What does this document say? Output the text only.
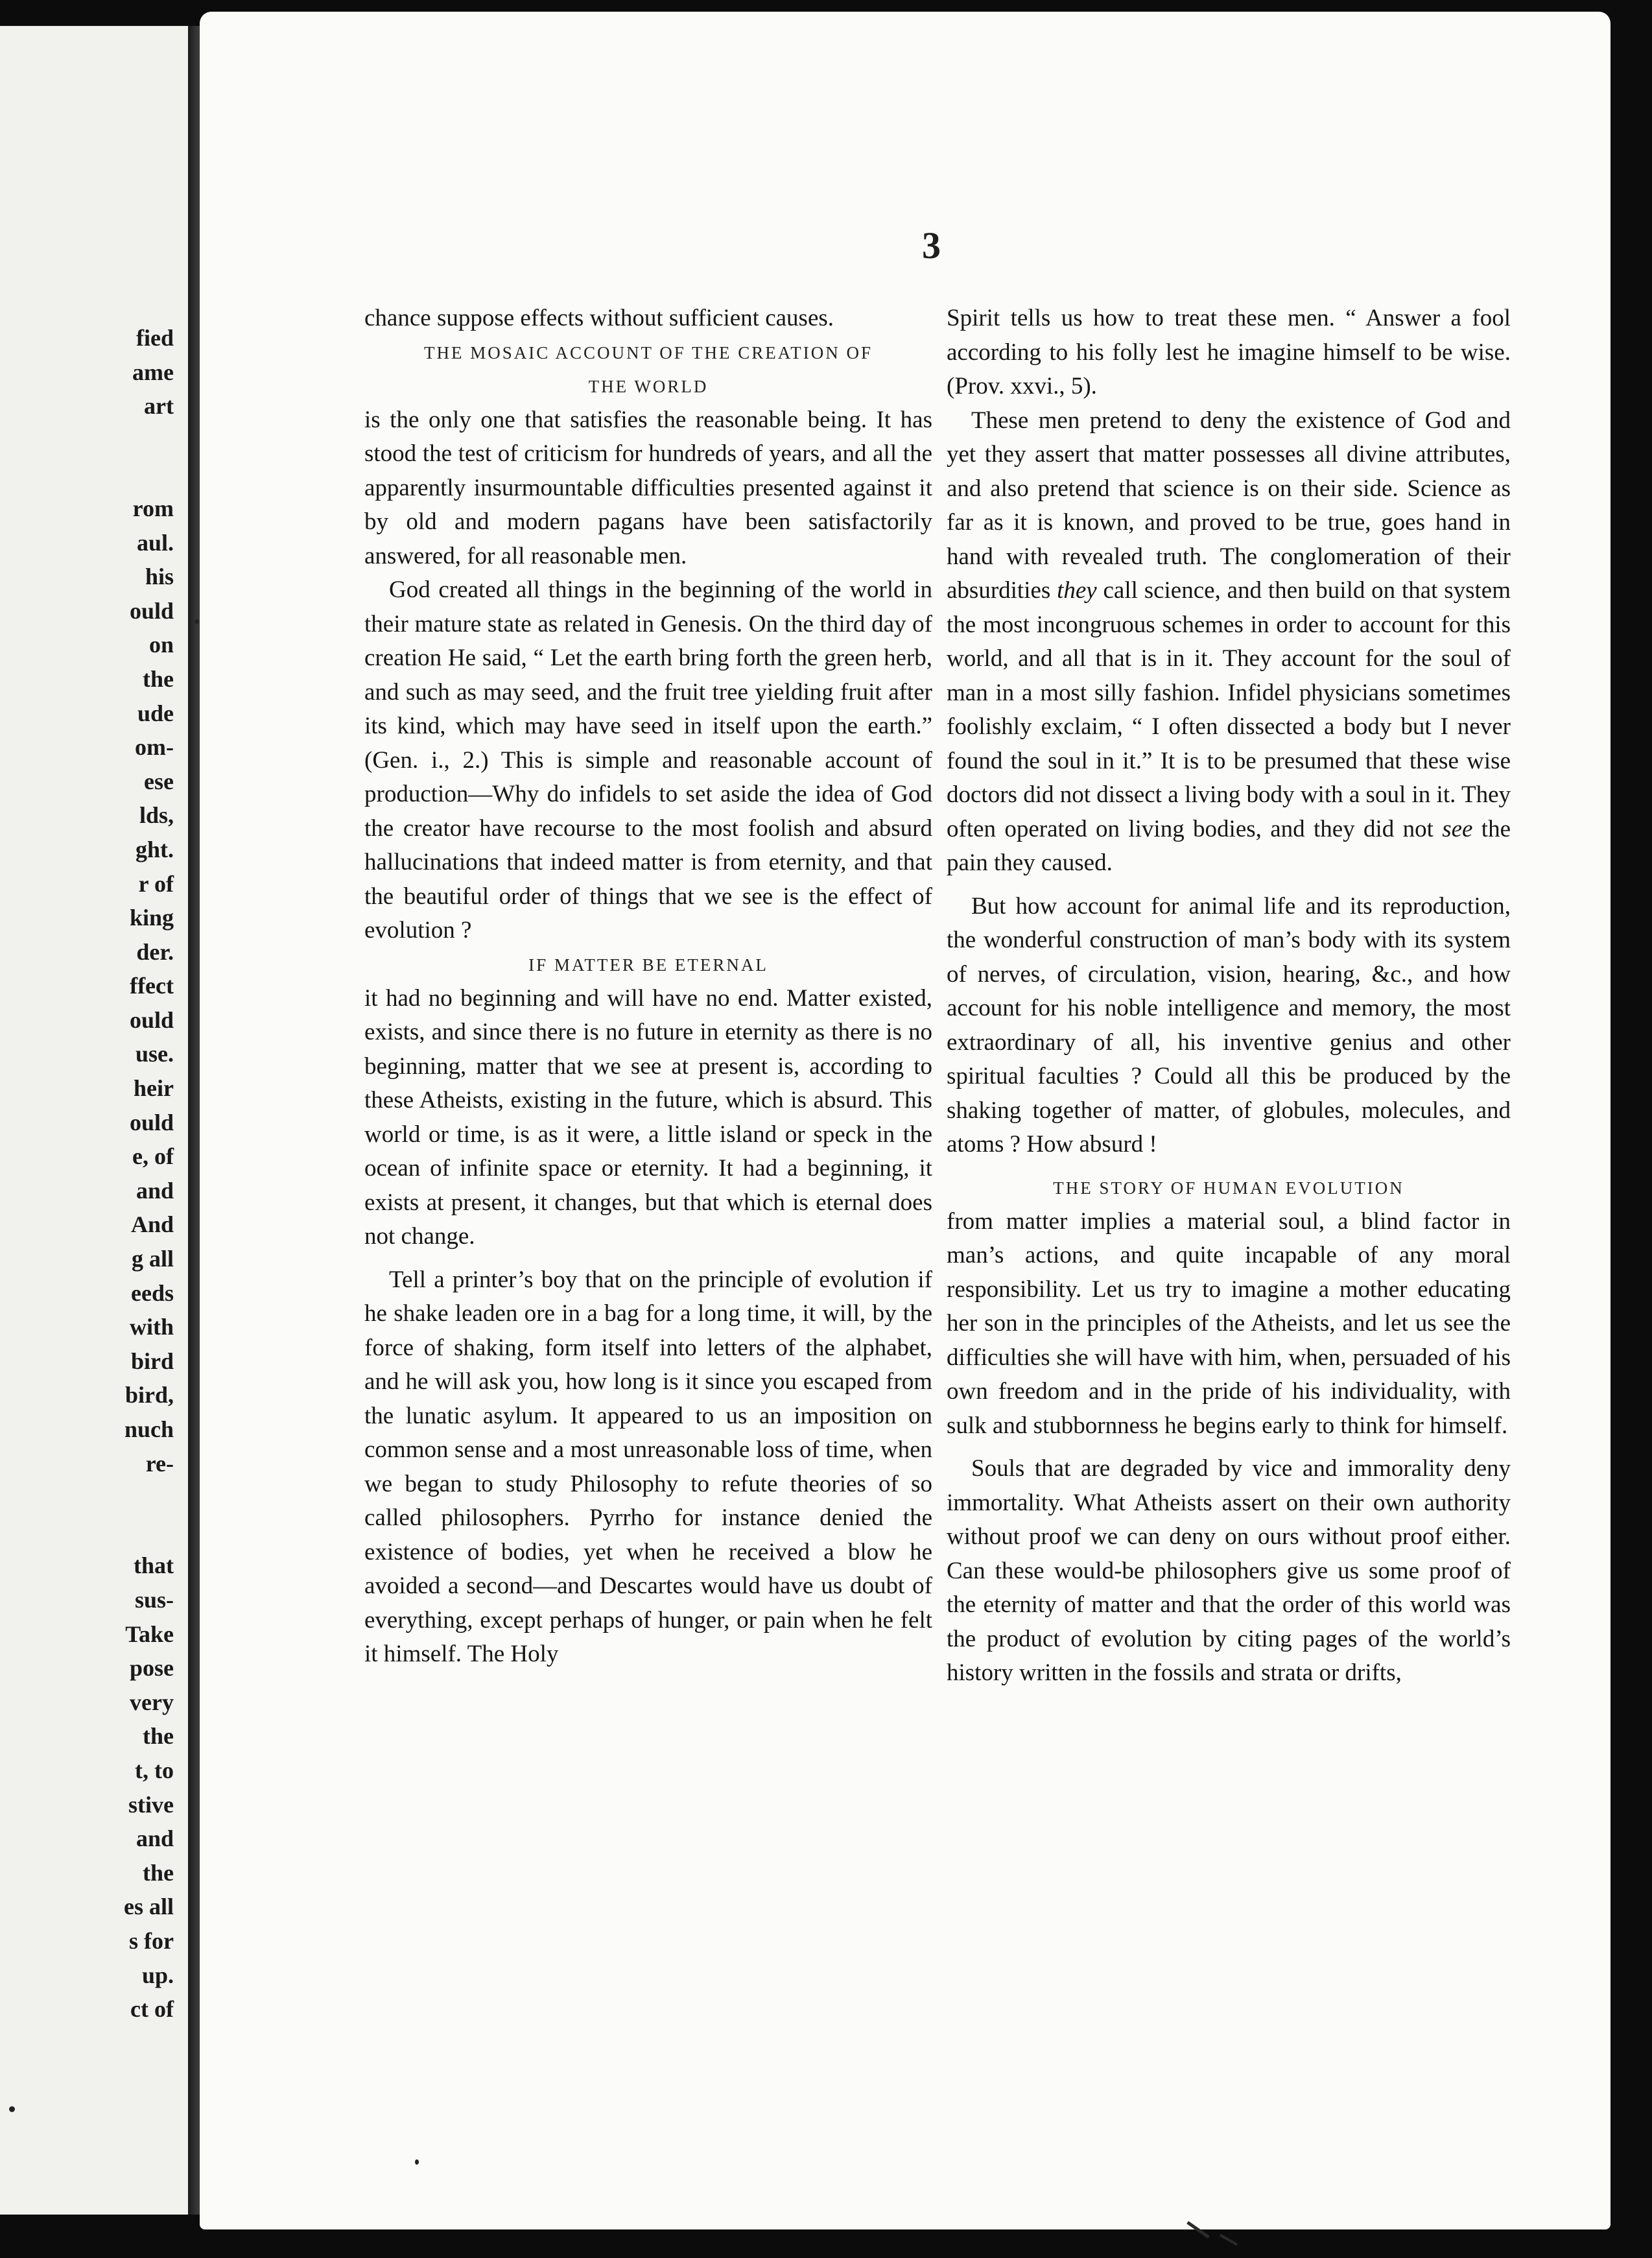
fied
ame
art
rom
aul.
his
ould
on
the
ude
om-
ese
lds,
ght.
r of
king
der.
ffect
ould
use.
heir
ould
e, of
and
And
g all
eeds
with
bird
bird,
nuch
re-
that
sus-
Take
pose
very
the
t, to
stive
and
the
es all
s for
up.
ct of
3

chance suppose effects without sufficient causes.

THE MOSAIC ACCOUNT OF THE CREATION OF
THE WORLD

is the only one that satisfies the reasonable being. It has stood the test of criticism for hundreds of years, and all the apparently insurmountable difficulties presented against it by old and modern pagans have been satisfactorily answered, for all reasonable men.

God created all things in the beginning of the world in their mature state as related in Genesis. On the third day of creation He said, “ Let the earth bring forth the green herb, and such as may seed, and the fruit tree yielding fruit after its kind, which may have seed in itself upon the earth.” (Gen. i., 2.) This is simple and reasonable account of production—Why do infidels to set aside the idea of God the creator have recourse to the most foolish and absurd hallucinations that indeed matter is from eternity, and that the beautiful order of things that we see is the effect of evolution ?

IF MATTER BE ETERNAL

it had no beginning and will have no end. Matter existed, exists, and since there is no future in eternity as there is no beginning, matter that we see at present is, according to these Atheists, existing in the future, which is absurd. This world or time, is as it were, a little island or speck in the ocean of infinite space or eternity. It had a beginning, it exists at present, it changes, but that which is eternal does not change.

Tell a printer’s boy that on the principle of evolution if he shake leaden ore in a bag for a long time, it will, by the force of shaking, form itself into letters of the alphabet, and he will ask you, how long is it since you escaped from the lunatic asylum. It appeared to us an imposition on common sense and a most unreasonable loss of time, when we began to study Philosophy to refute theories of so called philosophers. Pyrrho for instance denied the existence of bodies, yet when he received a blow he avoided a second—and Descartes would have us doubt of everything, except perhaps of hunger, or pain when he felt it himself. The Holy

Spirit tells us how to treat these men. “ Answer a fool according to his folly lest he imagine himself to be wise. (Prov. xxvi., 5).

These men pretend to deny the existence of God and yet they assert that matter possesses all divine attributes, and also pretend that science is on their side. Science as far as it is known, and proved to be true, goes hand in hand with revealed truth. The conglomeration of their absurdities they call science, and then build on that system the most incongruous schemes in order to account for this world, and all that is in it. They account for the soul of man in a most silly fashion. Infidel physicians sometimes foolishly exclaim, “ I often dissected a body but I never found the soul in it.” It is to be presumed that these wise doctors did not dissect a living body with a soul in it. They often operated on living bodies, and they did not see the pain they caused.

But how account for animal life and its reproduction, the wonderful construction of man’s body with its system of nerves, of circulation, vision, hearing, &c., and how account for his noble intelligence and memory, the most extraordinary of all, his inventive genius and other spiritual faculties ? Could all this be produced by the shaking together of matter, of globules, molecules, and atoms ? How absurd !

THE STORY OF HUMAN EVOLUTION

from matter implies a material soul, a blind factor in man’s actions, and quite incapable of any moral responsibility. Let us try to imagine a mother educating her son in the principles of the Atheists, and let us see the difficulties she will have with him, when, persuaded of his own freedom and in the pride of his individuality, with sulk and stubbornness he begins early to think for himself.

Souls that are degraded by vice and immorality deny immortality. What Atheists assert on their own authority without proof we can deny on ours without proof either. Can these would-be philosophers give us some proof of the eternity of matter and that the order of this world was the product of evolution by citing pages of the world’s history written in the fossils and strata or drifts,
